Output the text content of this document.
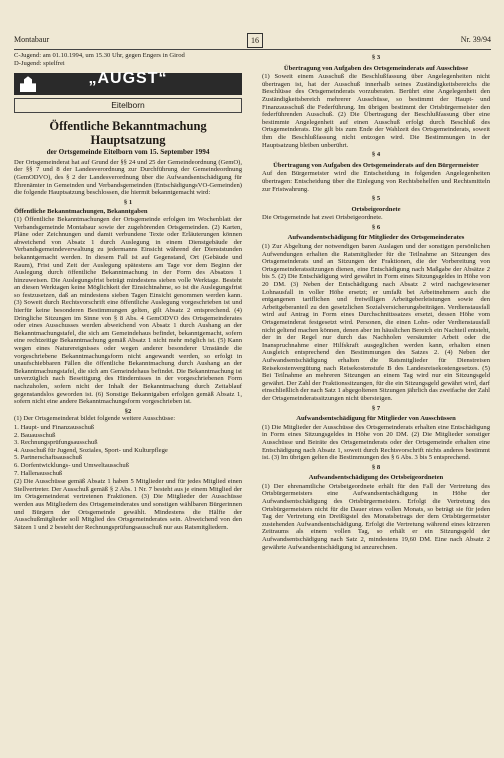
Montabaur	16	Nr. 39/94
C-Jugend: am 01.10.1994, um 15.30 Uhr, gegen Engers in Girod
D-Jugend: spielfrei
„AUGST“
Eitelborn
Öffentliche Bekanntmachung Hauptsatzung
der Ortsgemeinde Eitelborn vom 15. September 1994
Der Ortsgemeinderat hat auf Grund der §§ 24 und 25 der Gemeindeordnung (GemO), der §§ 7 und 8 der Landesverordnung zur Durchführung der Gemeindeordnung (GemODVO), des § 2 der Landesverordnung über die Aufwandsentschädigung für Ehrenämter in Gemeinden und Verbandsgemeinden (EntschädigungsVO-Gemeinden) die folgende Hauptsatzung beschlossen, die hiermit bekanntgemacht wird:
§ 1
Öffentliche Bekanntmachungen, Bekanntgaben
(1) Öffentliche Bekanntmachungen der Ortsgemeinde erfolgen im Wochenblatt der Verbandsgemeinde Montabaur sowie der zugehörenden Ortsgemeinden. (2) Karten, Pläne oder Zeichnungen und damit verbundene Texte oder Erläuterungen können abweichend von Absatz 1 durch Auslegung in einem Dienstgebäude der Verbandsgemeindeverwaltung zu jedermanns Einsicht während der Dienststunden bekanntgemacht werden. In diesem Fall ist auf Gegenstand, Ort (Gebäude und Raum), Frist und Zeit der Auslegung spätestens am Tage vor dem Beginn der Auslegung durch öffentliche Bekanntmachung in der Form des Absatzes 1 hinzuweisen. Die Auslegungsfrist beträgt mindestens sieben volle Werktage. Besteht an diesen Werktagen keine Möglichkeit der Einsichtnahme, so ist die Auslegungsfrist so festzusetzen, daß an mindestens sieben Tagen Einsicht genommen werden kann. (3) Soweit durch Rechtsvorschrift eine öffentliche Auslegung vorgeschrieben ist und hierfür keine besonderen Bestimmungen gelten, gilt Absatz 2 entsprechend. (4) Dringliche Sitzungen im Sinne von § 8 Abs. 4 GemODVO des Ortsgemeinderates oder eines Ausschusses werden abweichend von Absatz 1 durch Aushang an der Bekanntmachungstafel, die sich am Gemeindehaus befindet, bekanntgemacht, sofern eine rechtzeitige Bekanntmachung gemäß Absatz 1 nicht mehr möglich ist. (5) Kann wegen eines Naturereignisses oder wegen anderer besonderer Umstände die vorgeschriebene Bekanntmachungsform nicht angewandt werden, so erfolgt in unaufschiebbaren Fällen die öffentliche Bekanntmachung durch Aushang an der Bekanntmachungstafel, die sich am Gemeindehaus befindet. Die Bekanntmachung ist unverzüglich nach Beseitigung des Hindernisses in der vorgeschriebenen Form nachzuholen, sofern nicht der Inhalt der Bekanntmachung durch Zeitablauf gegenstandslos geworden ist. (6) Sonstige Bekanntgaben erfolgen gemäß Absatz 1, sofern nicht eine andere Bekanntmachungsform vorgeschrieben ist.
§2
(1) Der Ortsgemeinderat bildet folgende weitere Ausschüsse:
1. Haupt- und Finanzausschuß
2. Bauausschuß
3. Rechnungsprüfungsausschuß
4. Ausschuß für Jugend, Soziales, Sport- und Kulturpflege
5. Partnerschaftsausschuß
6. Dorfentwicklungs- und Umweltausschuß
7. Hallenausschuß
(2) Die Ausschüsse gemäß Absatz 1 haben 5 Mitglieder und für jedes Mitglied einen Stellvertreter. Der Ausschuß gemäß § 2 Abs. 1 Nr. 7 besteht aus je einem Mitglied der im Ortsgemeinderat vertretenen Fraktionen. (3) Die Mitglieder der Ausschüsse werden aus Mitgliedern des Ortsgemeinderates und sonstigen wählbaren Bürgerinnen und Bürgern der Ortsgemeinde gewählt. Mindestens die Hälfte der Ausschußmitglieder soll Mitglied des Ortsgemeinderates sein. Abweichend von den Sätzen 1 und 2 besteht der Rechnungsprüfungsausschuß nur aus Ratsmitgliedern.
§ 3
Übertragung von Aufgaben des Ortsgemeinderats auf Ausschüsse
(1) Soweit einem Ausschuß die Beschlußfassung über Angelegenheiten nicht übertragen ist, hat der Ausschuß innerhalb seines Zuständigkeitsbereichs die Beschlüsse des Ortsgemeinderats vorzuberaten. Berührt eine Angelegenheit den Zuständigkeitsbereich mehrerer Ausschüsse, so bestimmt der Haupt- und Finanzausschuß die Federführung. Im übrigen bestimmt der Ortsbürgermeister den federführenden Ausschuß. (2) Die Übertragung der Beschlußfassung über eine bestimmte Angelegenheit auf einen Ausschuß erfolgt durch Beschluß des Ortsgemeinderats. Die gilt bis zum Ende der Wahlzeit des Ortsgemeinderats, soweit ihm die Beschlußfassung nicht entzogen wird. Die Bestimmungen in der Hauptsatzung bleiben unberührt.
§ 4
Übertragung von Aufgaben des Ortsgemeinderats auf den Bürgermeister
Auf den Bürgermeister wird die Entscheidung in folgenden Angelegenheiten übertragen: Entscheidung über die Einlegung von Rechtsbehelfen und Rechtsmitteln zur Fristwahrung.
§ 5
Ortsbeigeordnete
Die Ortsgemeinde hat zwei Ortsbeigeordnete.
§ 6
Aufwandsentschädigung für Mitglieder des Ortsgemeinderates
(1) Zur Abgeltung der notwendigen baren Auslagen und der sonstigen persönlichen Aufwendungen erhalten die Ratsmitglieder für die Teilnahme an Sitzungen des Ortsgemeinderats und an Sitzungen der Fraktionen, die der Vorbereitung von Ortsgemeinderatssitzungen dienen, eine Entschädigung nach Maßgabe der Absätze 2 bis 5. (2) Die Entschädigung wird gewährt in Form eines Sitzungsgeldes in Höhe von 20 DM. (3) Neben der Entschädigung nach Absatz 2 wird nachgewiesener Lohnausfall in voller Höhe ersetzt; er umfaßt bei Arbeitnehmern auch die entgangenen tariflichen und freiwilligen Arbeitgeberleistungen sowie den Arbeitgeberanteil zu den gesetzlichen Sozialversicherungsbeiträgen. Verdienstausfall wird auf Antrag in Form eines Durchschnittssatzes ersetzt, dessen Höhe vom Ortsgemeinderat festgesetzt wird. Personen, die einen Lohn- oder Verdienstausfall nicht geltend machen können, denen aber im häuslichen Bereich ein Nachteil entsteht, der in der Regel nur durch das Nachholen versäumter Arbeit oder die Inanspruchnahme einer Hilfskraft ausgeglichen werden kann, erhalten einen Ausgleich entsprechend den Bestimmungen des Satzes 2. (4) Neben der Aufwandsentschädigung erhalten die Ratsmitglieder für Dienstreisen Reisekostenvergütung nach Reisekostenstufe B des Landesreisekostengesetzes. (5) Bei Teilnahme an mehreren Sitzungen an einem Tag wird nur ein Sitzungsgeld gewährt. Der Zahl der Fraktionssitzungen, für die ein Sitzungsgeld gewährt wird, darf einschließlich der nach Satz 1 abgegoltenen Sitzungen jährlich das zweifache der Zahl der Ortsgemeinderatssitzungen nicht übersteigen.
§ 7
Aufwandsentschädigung für Mitglieder von Ausschüssen
(1) Die Mitglieder der Ausschüsse des Ortsgemeinderats erhalten eine Entschädigung in Form eines Sitzungsgeldes in Höhe von 20 DM. (2) Die Mitglieder sonstiger Ausschüsse und Beiräte des Ortsgemeinderats oder der Ortsgemeinde erhalten eine Entschädigung nach Absatz 1, soweit durch Rechtsvorschrift nichts anderes bestimmt ist. (3) Im übrigen gelten die Bestimmungen des § 6 Abs. 3 bis 5 entsprechend.
§ 8
Aufwandsentschädigung des Ortsbeigeordneten
(1) Der ehrenamtliche Ortsbeigeordnete erhält für den Fall der Vertretung des Ortsbürgermeisters eine Aufwandsentschädigung in Höhe der Aufwandsentschädigung des Ortsbürgermeisters. Erfolgt die Vertretung des Ortsbürgermeisters nicht für die Dauer eines vollen Monats, so beträgt sie für jeden Tag der Vertretung ein Dreißigstel des Monatsbetrags der dem Ortsbürgermeister zustehenden Aufwandsentschädigung. Erfolgt die Vertretung während eines kürzeren Zeitraums als einem vollen Tag, so erhält er ein Sitzungsgeld der Aufwandsentschädigung nach Satz 2, mindestens 19,60 DM. Eine nach Absatz 2 gewährte Aufwandsentschädigung ist anzurechnen.
